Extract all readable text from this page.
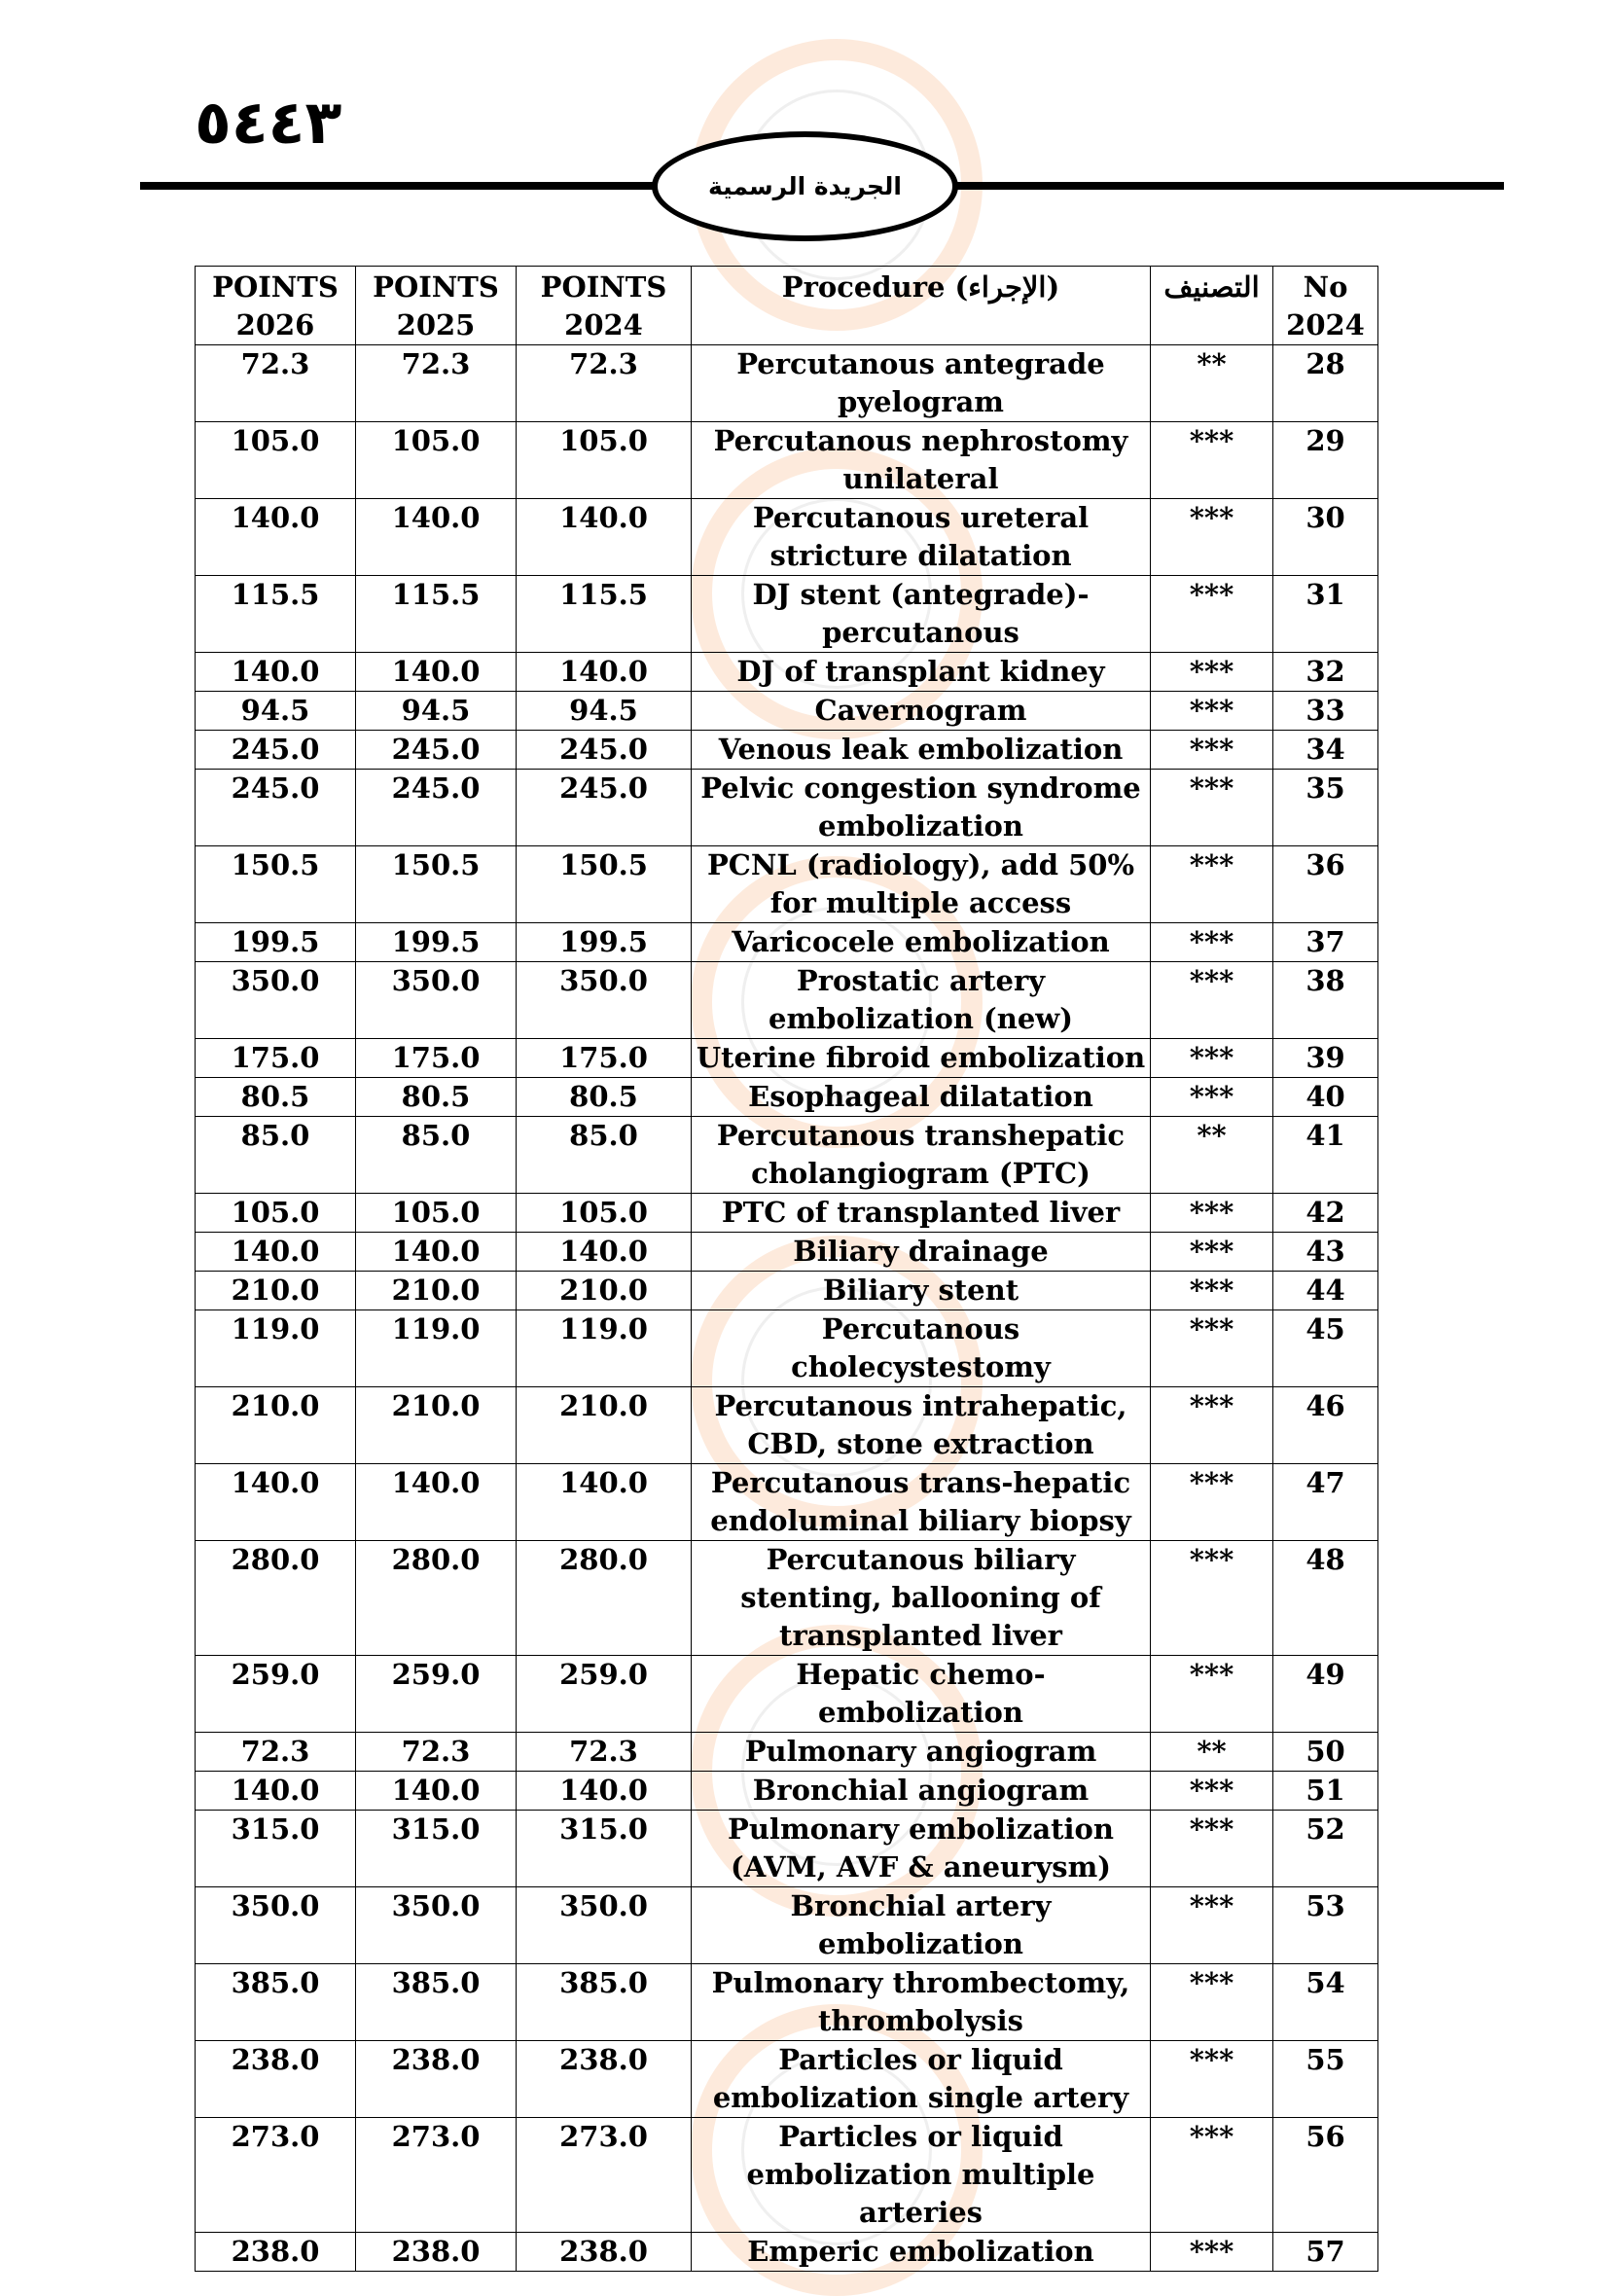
٥٤٤٣
الجريدة الرسمية
POINTS 2026	POINTS 2025	POINTS 2024	Procedure (الإجراء)	التصنيف	No 2024
72.3	72.3	72.3	Percutanous antegrade pyelogram	**	28
105.0	105.0	105.0	Percutanous nephrostomy unilateral	***	29
140.0	140.0	140.0	Percutanous ureteral stricture dilatation	***	30
115.5	115.5	115.5	DJ stent (antegrade)-percutanous	***	31
140.0	140.0	140.0	DJ of transplant kidney	***	32
94.5	94.5	94.5	Cavernogram	***	33
245.0	245.0	245.0	Venous leak embolization	***	34
245.0	245.0	245.0	Pelvic congestion syndrome embolization	***	35
150.5	150.5	150.5	PCNL (radiology), add 50% for multiple access	***	36
199.5	199.5	199.5	Varicocele embolization	***	37
350.0	350.0	350.0	Prostatic artery embolization (new)	***	38
175.0	175.0	175.0	Uterine fibroid embolization	***	39
80.5	80.5	80.5	Esophageal dilatation	***	40
85.0	85.0	85.0	Percutanous transhepatic cholangiogram (PTC)	**	41
105.0	105.0	105.0	PTC of transplanted liver	***	42
140.0	140.0	140.0	Biliary drainage	***	43
210.0	210.0	210.0	Biliary stent	***	44
119.0	119.0	119.0	Percutanous cholecystestomy	***	45
210.0	210.0	210.0	Percutanous intrahepatic, CBD, stone extraction	***	46
140.0	140.0	140.0	Percutanous trans-hepatic endoluminal biliary biopsy	***	47
280.0	280.0	280.0	Percutanous biliary stenting, ballooning of transplanted liver	***	48
259.0	259.0	259.0	Hepatic chemo-embolization	***	49
72.3	72.3	72.3	Pulmonary angiogram	**	50
140.0	140.0	140.0	Bronchial angiogram	***	51
315.0	315.0	315.0	Pulmonary embolization (AVM, AVF & aneurysm)	***	52
350.0	350.0	350.0	Bronchial artery embolization	***	53
385.0	385.0	385.0	Pulmonary thrombectomy, thrombolysis	***	54
238.0	238.0	238.0	Particles or liquid embolization single artery	***	55
273.0	273.0	273.0	Particles or liquid embolization multiple arteries	***	56
238.0	238.0	238.0	Emperic embolization	***	57
